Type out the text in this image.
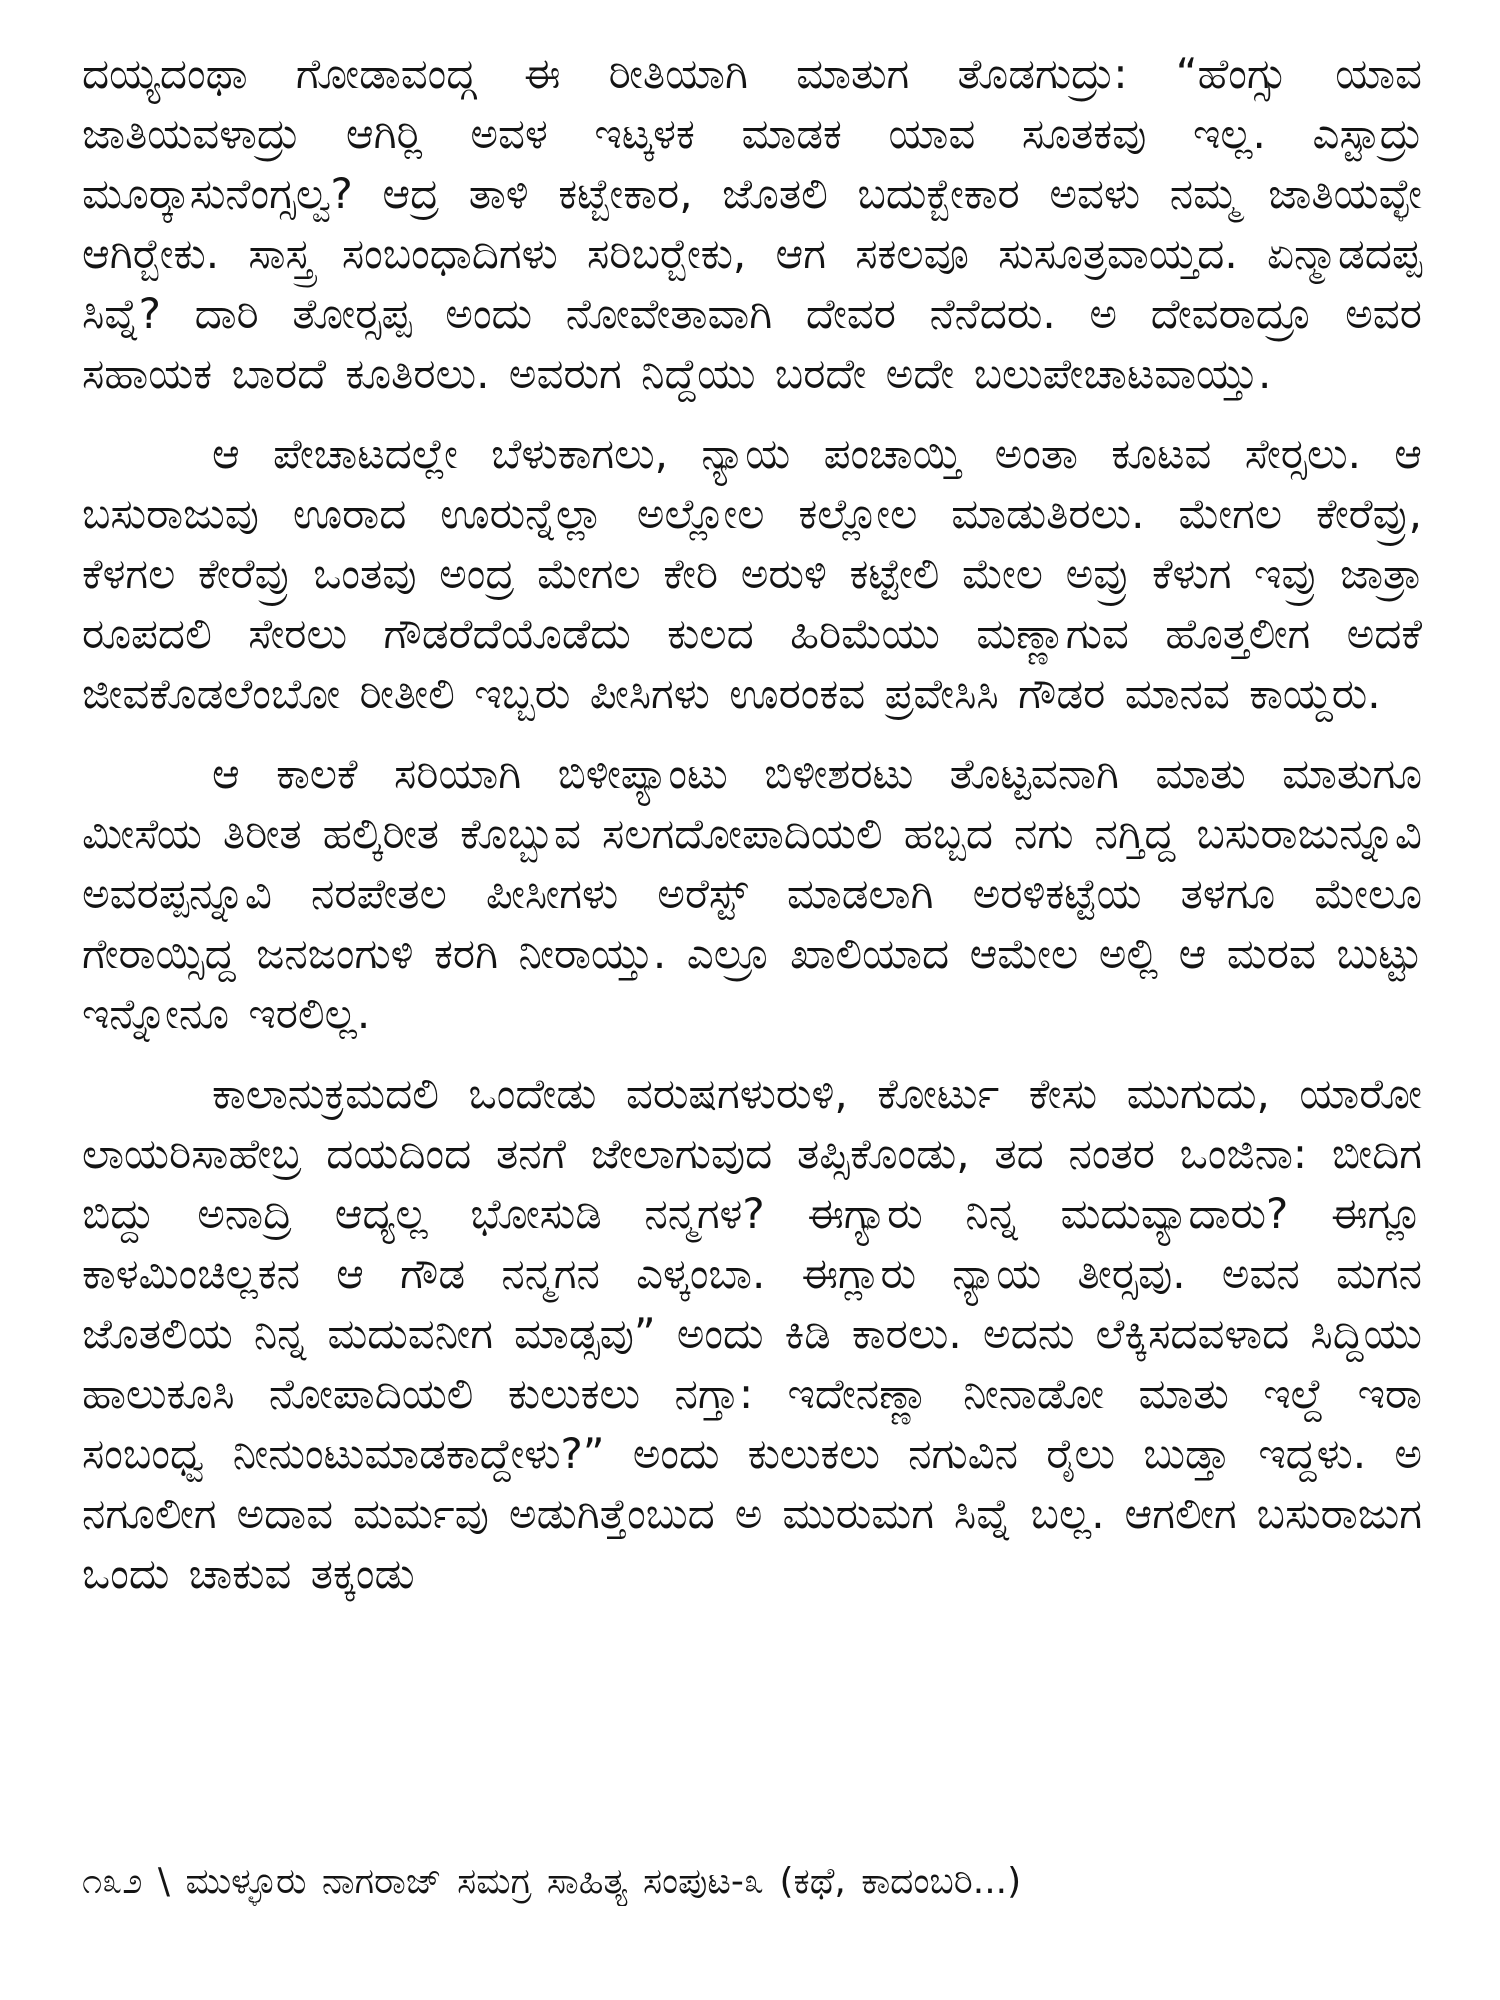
ದಯ್ಯದಂಥಾ ಗೋಡಾವಂದ್ಗ ಈ ರೀತಿಯಾಗಿ ಮಾತುಗ ತೊಡಗುದ್ರು: “ಹೆಂಗ್ಸು ಯಾವ ಜಾತಿಯವಳಾದ್ರು ಆಗಿರ್‍ಲಿ ಅವಳ ಇಟ್ಕಳಕ ಮಾಡಕ ಯಾವ ಸೂತಕವು ಇಲ್ಲ. ಎಸ್ಟಾದ್ರು ಮೂರ್‍ಕಾಸುನೆಂಗ್ಸಲ್ವ? ಆದ್ರ ತಾಳಿ ಕಟ್ಬೇಕಾರ, ಜೊತಲಿ ಬದುಕ್ಬೇಕಾರ ಅವಳು ನಮ್ಮ ಜಾತಿಯವ್ಳೇ ಆಗಿರ್‍ಬೇಕು. ಸಾಸ್ತ್ರ ಸಂಬಂಧಾದಿಗಳು ಸರಿಬರ್‍ಬೇಕು, ಆಗ ಸಕಲವೂ ಸುಸೂತ್ರವಾಯ್ತದ. ಏನ್ಮಾಡದಪ್ಪ ಸಿವ್ನೆ? ದಾರಿ ತೋರ್‍ಸಪ್ಪ ಅಂದು ನೋವೇತಾವಾಗಿ ದೇವರ ನೆನೆದರು. ಅ ದೇವರಾದ್ರೂ ಅವರ ಸಹಾಯಕ ಬಾರದೆ ಕೂತಿರಲು. ಅವರುಗ ನಿದ್ದೆಯು ಬರದೇ ಅದೇ ಬಲುಪೇಚಾಟವಾಯ್ತು.

ಆ ಪೇಚಾಟದಲ್ಲೇ ಬೆಳುಕಾಗಲು, ನ್ಯಾಯ ಪಂಚಾಯ್ತಿ ಅಂತಾ ಕೂಟವ ಸೇರ್‍ಸಲು. ಆ ಬಸುರಾಜುವು ಊರಾದ ಊರುನ್ನೆಲ್ಲಾ ಅಲ್ಲೋಲ ಕಲ್ಲೋಲ ಮಾಡುತಿರಲು. ಮೇಗಲ ಕೇರೆವ್ರು, ಕೆಳಗಲ ಕೇರೆವ್ರು ಒಂತವು ಅಂದ್ರ ಮೇಗಲ ಕೇರಿ ಅರುಳಿ ಕಟ್ಟೇಲಿ ಮೇಲ ಅವ್ರು ಕೆಳುಗ ಇವ್ರು ಜಾತ್ರಾ ರೂಪದಲಿ ಸೇರಲು ಗೌಡರೆದೆಯೊಡೆದು ಕುಲದ ಹಿರಿಮೆಯು ಮಣ್ಣಾಗುವ ಹೊತ್ತಲೀಗ ಅದಕೆ ಜೀವಕೊಡಲೆಂಬೋ ರೀತೀಲಿ ಇಬ್ಬರು ಪೀಸಿಗಳು ಊರಂಕವ ಪ್ರವೇಸಿಸಿ ಗೌಡರ ಮಾನವ ಕಾಯ್ದರು.

ಆ ಕಾಲಕೆ ಸರಿಯಾಗಿ ಬಿಳೀಪ್ಯಾಂಟು ಬಿಳೀಶರಟು ತೊಟ್ಟವನಾಗಿ ಮಾತು ಮಾತುಗೂ ಮೀಸೆಯ ತಿರೀತ ಹಲ್ಕಿರೀತ ಕೊಬ್ಬುವ ಸಲಗದೋಪಾದಿಯಲಿ ಹಬ್ಬದ ನಗು ನಗ್ತಿದ್ದ ಬಸುರಾಜುನ್ನೂವಿ ಅವರಪ್ಪನ್ನೂವಿ ನರಪೇತಲ ಪೀಸೀಗಳು ಅರೆಸ್ಟ್ ಮಾಡಲಾಗಿ ಅರಳಿಕಟ್ಟೆಯ ತಳಗೂ ಮೇಲೂ ಗೇರಾಯ್ಸಿದ್ದ ಜನಜಂಗುಳಿ ಕರಗಿ ನೀರಾಯ್ತು. ಎಲ್ರೂ ಖಾಲಿಯಾದ ಆಮೇಲ ಅಲ್ಲಿ ಆ ಮರವ ಬುಟ್ಟು ಇನ್ನೋನೂ ಇರಲಿಲ್ಲ.

ಕಾಲಾನುಕ್ರಮದಲಿ ಒಂದೇಡು ವರುಷಗಳುರುಳಿ, ಕೋರ್ಟು ಕೇಸು ಮುಗುದು, ಯಾರೋ ಲಾಯರಿಸಾಹೇಬ್ರ ದಯದಿಂದ ತನಗೆ ಜೇಲಾಗುವುದ ತಪ್ಸಿಕೊಂಡು, ತದ ನಂತರ ಒಂಜಿನಾ: ಬೀದಿಗ ಬಿದ್ದು ಅನಾದ್ರಿ ಆದ್ಯಲ್ಲ ಭೋಸುಡಿ ನನ್ಮಗಳ? ಈಗ್ಯಾರು ನಿನ್ನ ಮದುವ್ಯಾದಾರು? ಈಗ್ಲೂ ಕಾಳಮಿಂಚಿಲ್ಲಕನ ಆ ಗೌಡ ನನ್ಮಗನ ಎಳ್ಕಂಬಾ. ಈಗ್ಲಾರು ನ್ಯಾಯ ತೀರ್‍ಸವು. ಅವನ ಮಗನ ಜೊತಲಿಯ ನಿನ್ನ ಮದುವನೀಗ ಮಾಡ್ಸವು” ಅಂದು ಕಿಡಿ ಕಾರಲು. ಅದನು ಲೆಕ್ಕಿಸದವಳಾದ ಸಿದ್ದಿಯು ಹಾಲುಕೂಸಿ ನೋಪಾದಿಯಲಿ ಕುಲುಕಲು ನಗ್ತಾ: ಇದೇನಣ್ಣಾ ನೀನಾಡೋ ಮಾತು ಇಲ್ದೆ ಇರಾ ಸಂಬಂಧ್ವ ನೀನುಂಟುಮಾಡಕಾದ್ದೇಳು?” ಅಂದು ಕುಲುಕಲು ನಗುವಿನ ರೈಲು ಬುಡ್ತಾ ಇದ್ದಳು. ಅ ನಗೂಲೀಗ ಅದಾವ ಮರ್ಮವು ಅಡುಗಿತ್ತೆಂಬುದ ಅ ಮುರುಮಗ ಸಿವ್ನೆ ಬಲ್ಲ. ಆಗಲೀಗ ಬಸುರಾಜುಗ ಒಂದು ಚಾಕುವ ತಕ್ಕಂಡು

೧೩೨ \ ಮುಳ್ಳೂರು ನಾಗರಾಜ್ ಸಮಗ್ರ ಸಾಹಿತ್ಯ ಸಂಪುಟ-೩ (ಕಥೆ, ಕಾದಂಬರಿ...)
